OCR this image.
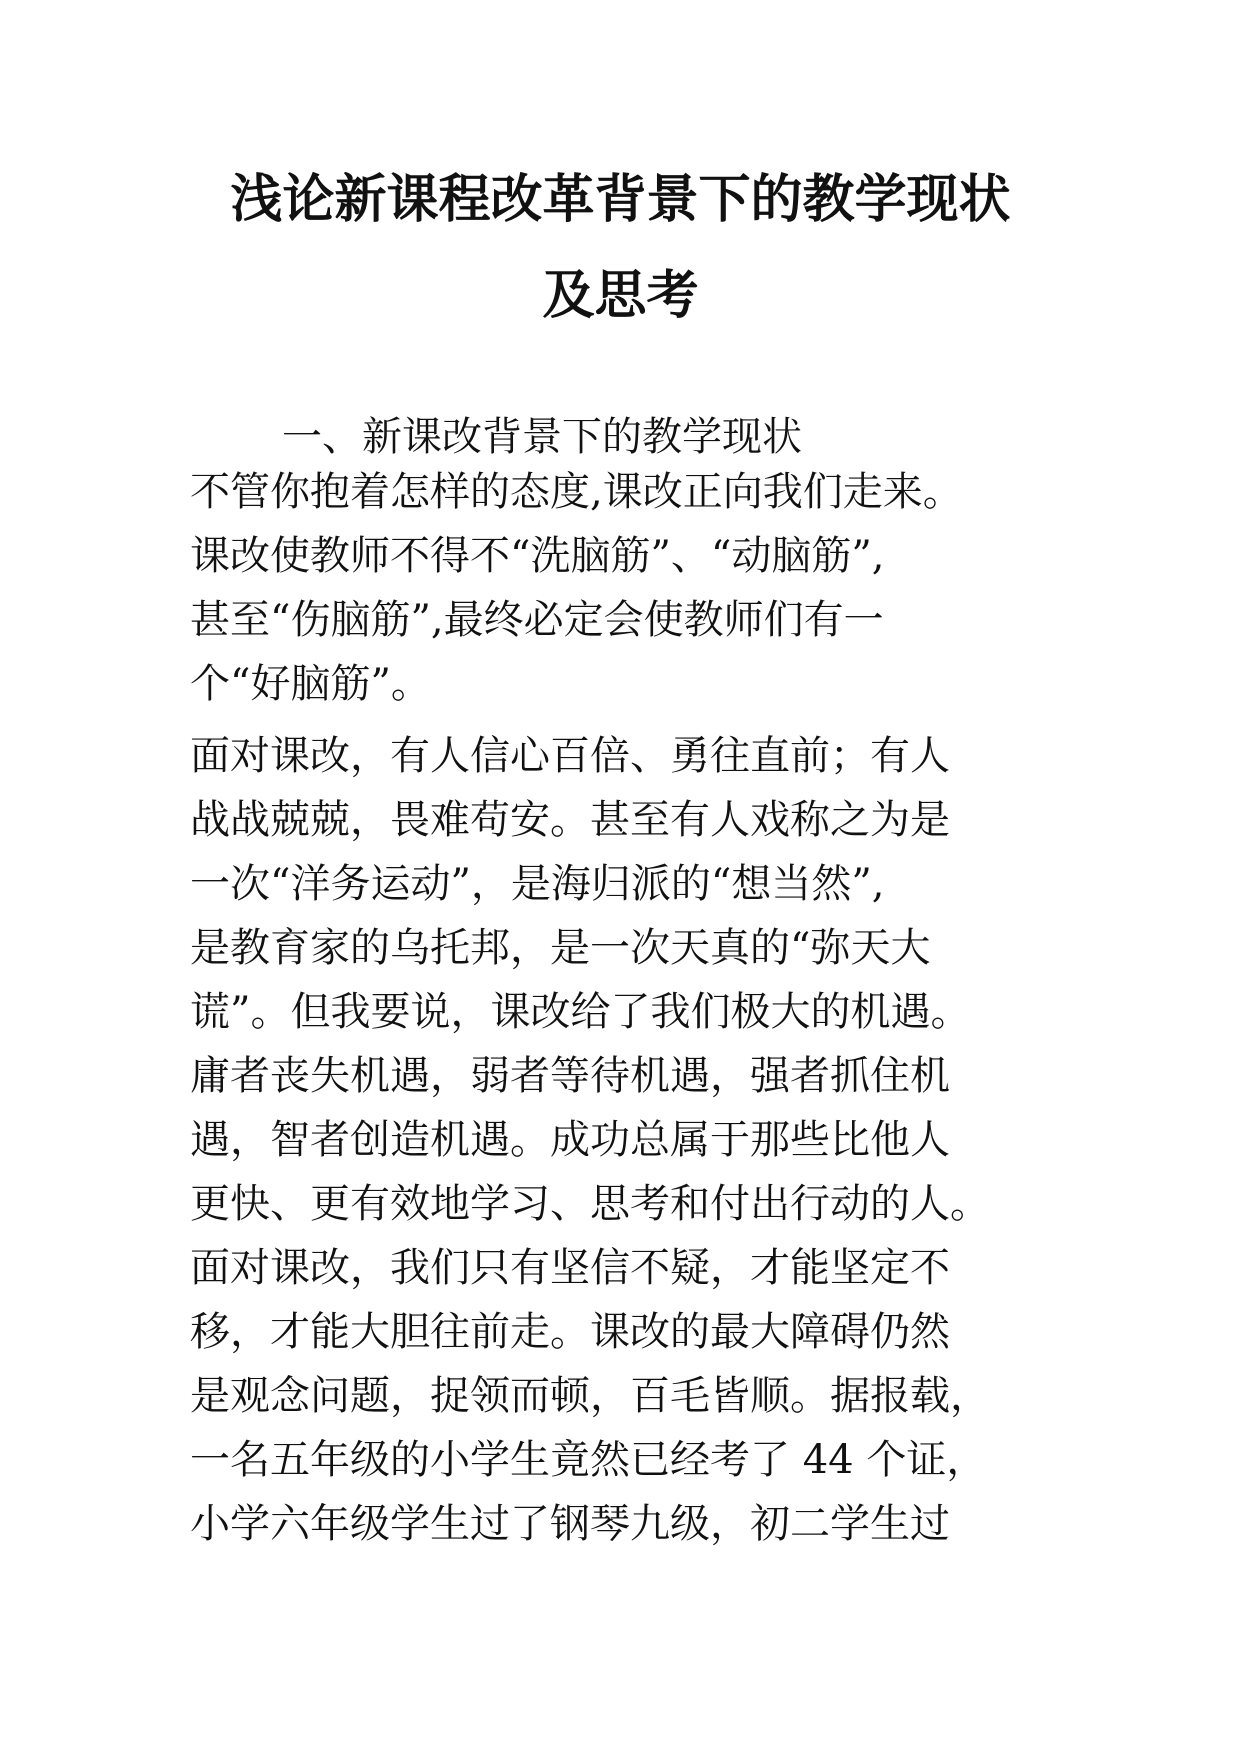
浅论新课程改革背景下的教学现状
及思考
一、新课改背景下的教学现状
不管你抱着怎样的态度,课改正向我们走来。
课改使教师不得不“洗脑筋”、“动脑筋”,
甚至“伤脑筋”,最终必定会使教师们有一
个“好脑筋”。
面对课改，有人信心百倍、勇往直前；有人
战战兢兢，畏难苟安。甚至有人戏称之为是
一次“洋务运动”，是海归派的“想当然”,
是教育家的乌托邦，是一次天真的“弥天大
谎”。但我要说，课改给了我们极大的机遇。
庸者丧失机遇，弱者等待机遇，强者抓住机
遇，智者创造机遇。成功总属于那些比他人
更快、更有效地学习、思考和付出行动的人。
面对课改，我们只有坚信不疑，才能坚定不
移，才能大胆往前走。课改的最大障碍仍然
是观念问题，捉领而顿，百毛皆顺。据报载，
一名五年级的小学生竟然已经考了 44 个证，
小学六年级学生过了钢琴九级，初二学生过
